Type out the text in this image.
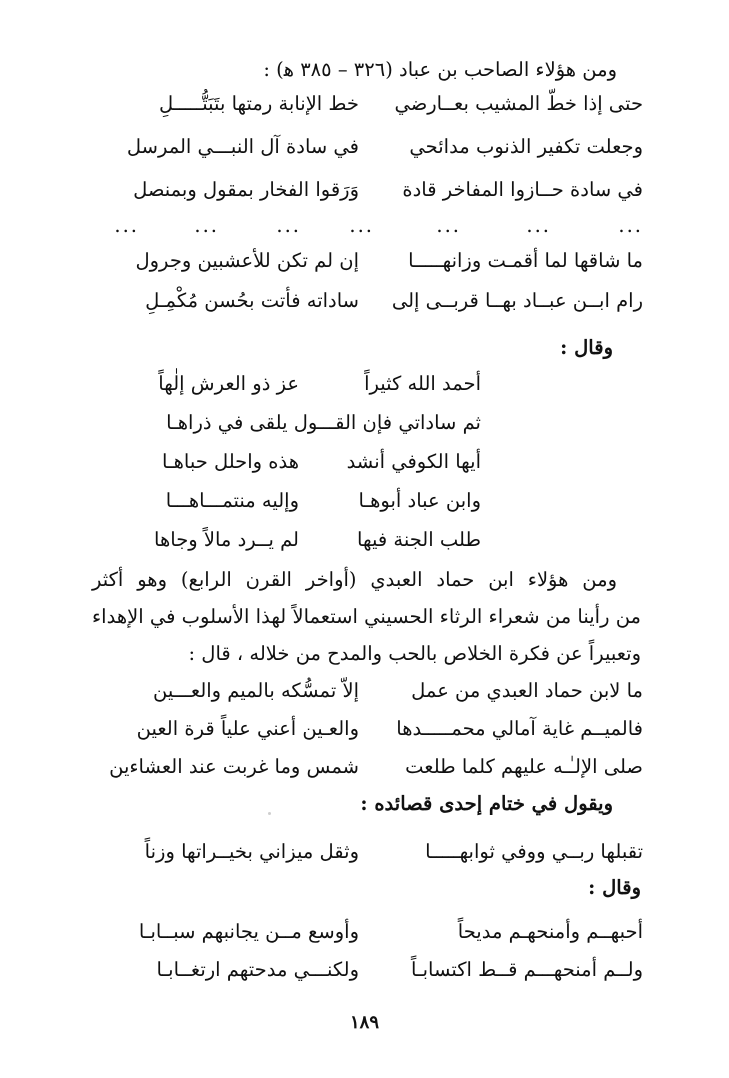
ومن هؤلاء الصاحب بن عباد (٣٢٦ – ٣٨٥ ﻫ) :
حتى إذا خطّ المشيب بعــارضي
خط الإنابة رمتها بتَبَتُّـــــلِ
وجعلت تكفير الذنوب مدائحي
في سادة آل النبـــي المرسل
في سادة حــازوا المفاخر قادة
وَرَقوا الفخار بمقول وبمنصل
...
...
...
...
...
...
...
ما شاقها لما أقمـت وزانهـــــا
إن لم تكن للأعشبين وجرول
رام ابــن عبــاد بهــا قربــى إلى
ساداته فأتت بحُسن مُكْمِـلِ
وقال :
أحمد الله كثيراً
عز ذو العرش إلٰهاً
ثم ساداتي فإن القـــول يلقى في ذراهـا
أيها الكوفي أنشد
هذه واحلل حباهـا
وابن عباد أبوهـا
وإليه منتمـــاهـــا
طلب الجنة فيها
لم يــرد مالاً وجاها
ومن هؤلاء ابن حماد العبدي (أواخر القرن الرابع) وهو أكثر
من رأينا من شعراء الرثاء الحسيني استعمالاً لهذا الأسلوب في الإهداء
وتعبيراً عن فكرة الخلاص بالحب والمدح من خلاله ، قال :
ما لابن حماد العبدي من عمل
إلاّ تمسُّكه بالميم والعـــين
فالميــم غاية آمالي محمـــــدها
والعـين أعني علياً قرة العين
صلى الإلـٰـه عليهم كلما طلعت
شمس وما غربت عند العشاءين
ويقول في ختام إحدى قصائده :
تقبلها ربــي ووفي ثوابهـــــا
وثقل ميزاني بخيــراتها وزناً
وقال :
أحبهــم وأمنحهـم مديحاً
وأوسع مــن يجانبهم سبــابـا
ولــم أمنحهـــم قــط اكتسابـاً
ولكنـــي مدحتهم ارتغــابـا
١٨٩
